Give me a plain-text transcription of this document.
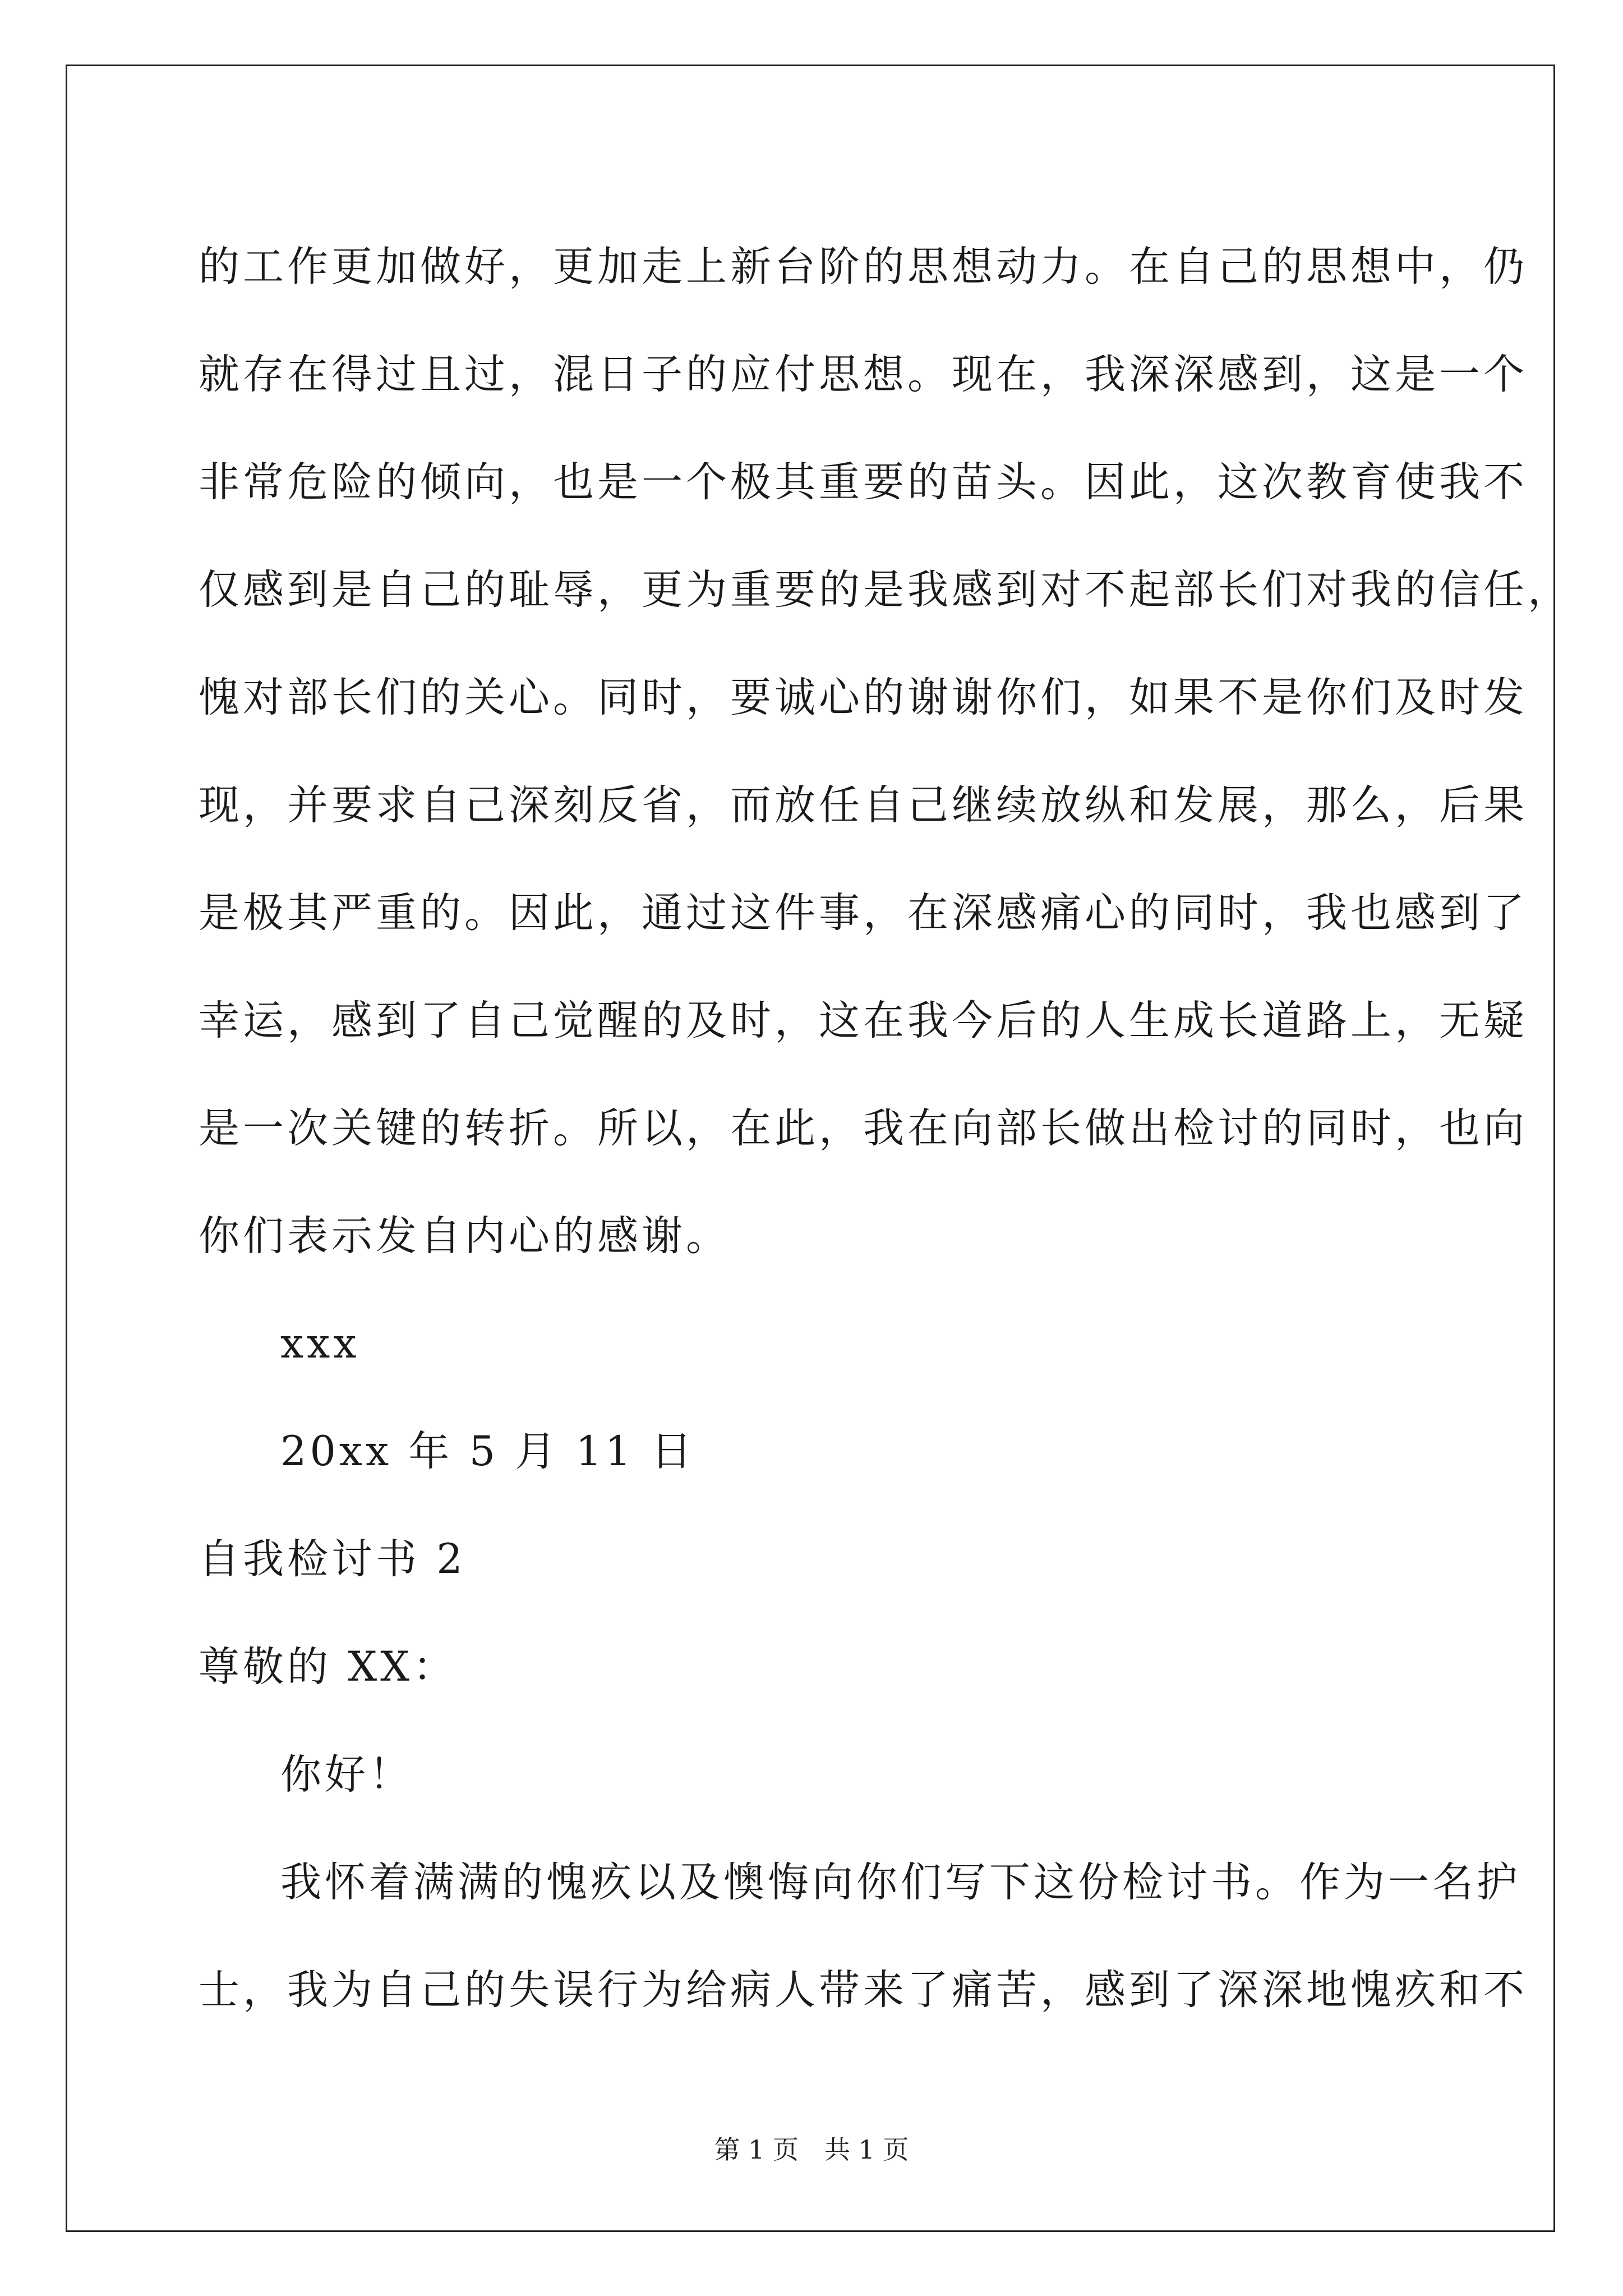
的工作更加做好，更加走上新台阶的思想动力。在自己的思想中，仍
就存在得过且过，混日子的应付思想。现在，我深深感到，这是一个
非常危险的倾向，也是一个极其重要的苗头。因此，这次教育使我不
仅感到是自己的耻辱，更为重要的是我感到对不起部长们对我的信任，
愧对部长们的关心。同时，要诚心的谢谢你们，如果不是你们及时发
现，并要求自己深刻反省，而放任自己继续放纵和发展，那么，后果
是极其严重的。因此，通过这件事，在深感痛心的同时，我也感到了
幸运，感到了自己觉醒的及时，这在我今后的人生成长道路上，无疑
是一次关键的转折。所以，在此，我在向部长做出检讨的同时，也向
你们表示发自内心的感谢。
xxx
20xx 年 5 月 11 日
自我检讨书 2
尊敬的 XX：
你好！
我怀着满满的愧疚以及懊悔向你们写下这份检讨书。作为一名护
士，我为自己的失误行为给病人带来了痛苦，感到了深深地愧疚和不
第 1 页　共 1 页
